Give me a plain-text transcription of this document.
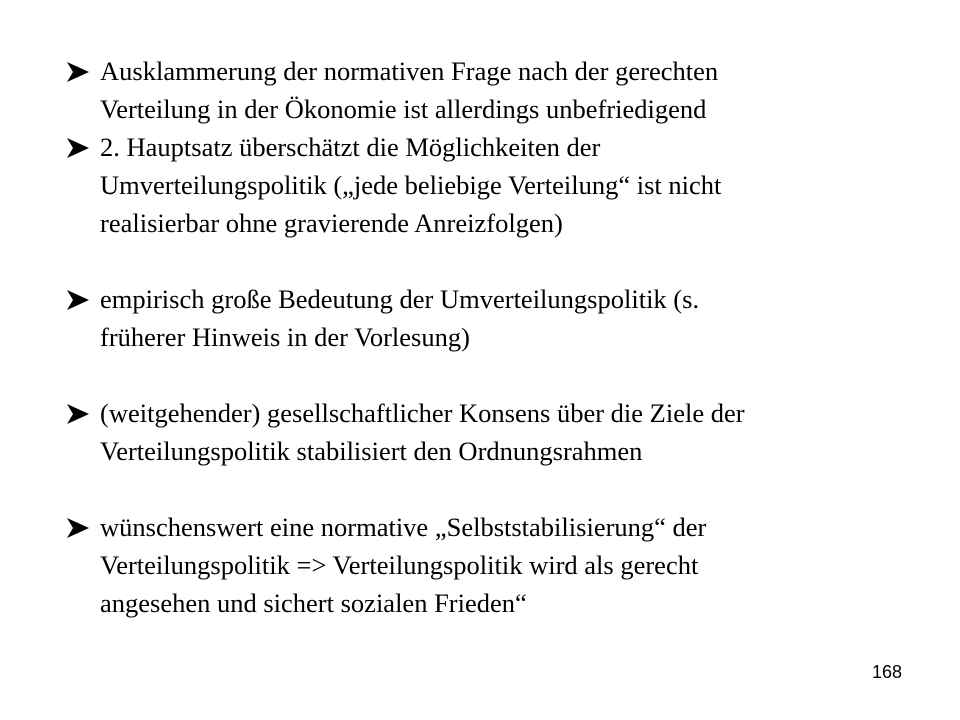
Ausklammerung der normativen Frage nach der gerechten
Verteilung in der Ökonomie ist allerdings unbefriedigend
2. Hauptsatz überschätzt die Möglichkeiten der
Umverteilungspolitik („jede beliebige Verteilung“ ist nicht
realisierbar ohne gravierende Anreizfolgen)
empirisch große Bedeutung der Umverteilungspolitik (s.
früherer Hinweis in der Vorlesung)
(weitgehender) gesellschaftlicher Konsens über die Ziele der
Verteilungspolitik stabilisiert den Ordnungsrahmen
wünschenswert eine normative „Selbststabilisierung“ der
Verteilungspolitik => Verteilungspolitik wird als gerecht
angesehen und sichert sozialen Frieden“
168
